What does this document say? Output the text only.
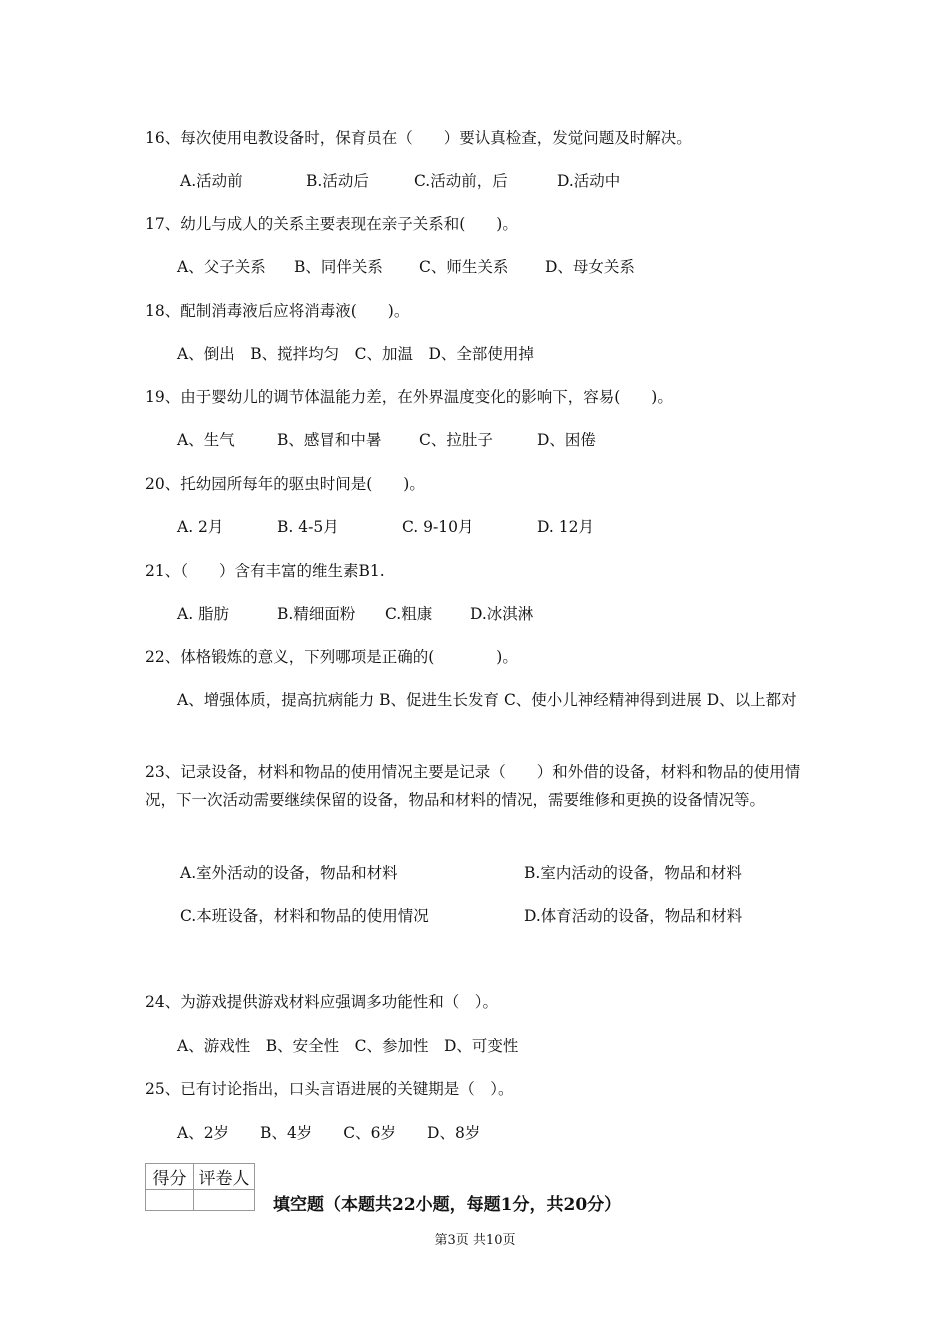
16、每次使用电教设备时，保育员在（　　）要认真检查，发觉问题及时解决。
A.活动前	B.活动后	C.活动前，后	D.活动中
17、幼儿与成人的关系主要表现在亲子关系和(　　)。
A、父子关系 B、同伴关系 C、师生关系 D、母女关系
18、配制消毒液后应将消毒液(　　)。
A、倒出　B、搅拌均匀　C、加温　D、全部使用掉
19、由于婴幼儿的调节体温能力差，在外界温度变化的影响下，容易(　　)。
A、生气	B、感冒和中暑 C、拉肚子	D、困倦
20、托幼园所每年的驱虫时间是(　　)。
A. 2月	B. 4-5月	C. 9-10月	D. 12月
21、（　　）含有丰富的维生素B1.
A. 脂肪	B.精细面粉 C.粗康 D.冰淇淋
22、体格锻炼的意义，下列哪项是正确的(　　　　)。
A、增强体质，提高抗病能力 B、促进生长发育 C、使小儿神经精神得到进展 D、以上都对
23、记录设备，材料和物品的使用情况主要是记录（　　）和外借的设备，材料和物品的使用情况，下一次活动需要继续保留的设备，物品和材料的情况，需要维修和更换的设备情况等。
A.室外活动的设备，物品和材料	B.室内活动的设备，物品和材料
C.本班设备，材料和物品的使用情况	D.体育活动的设备，物品和材料
24、为游戏提供游戏材料应强调多功能性和（　）。
A、游戏性　B、安全性　C、参加性　D、可变性
25、已有讨论指出，口头言语进展的关键期是（　）。
A、2岁　　B、4岁　　C、6岁　　D、8岁
得分	评卷人

填空题（本题共22小题，每题1分，共20分）
第3页 共10页
